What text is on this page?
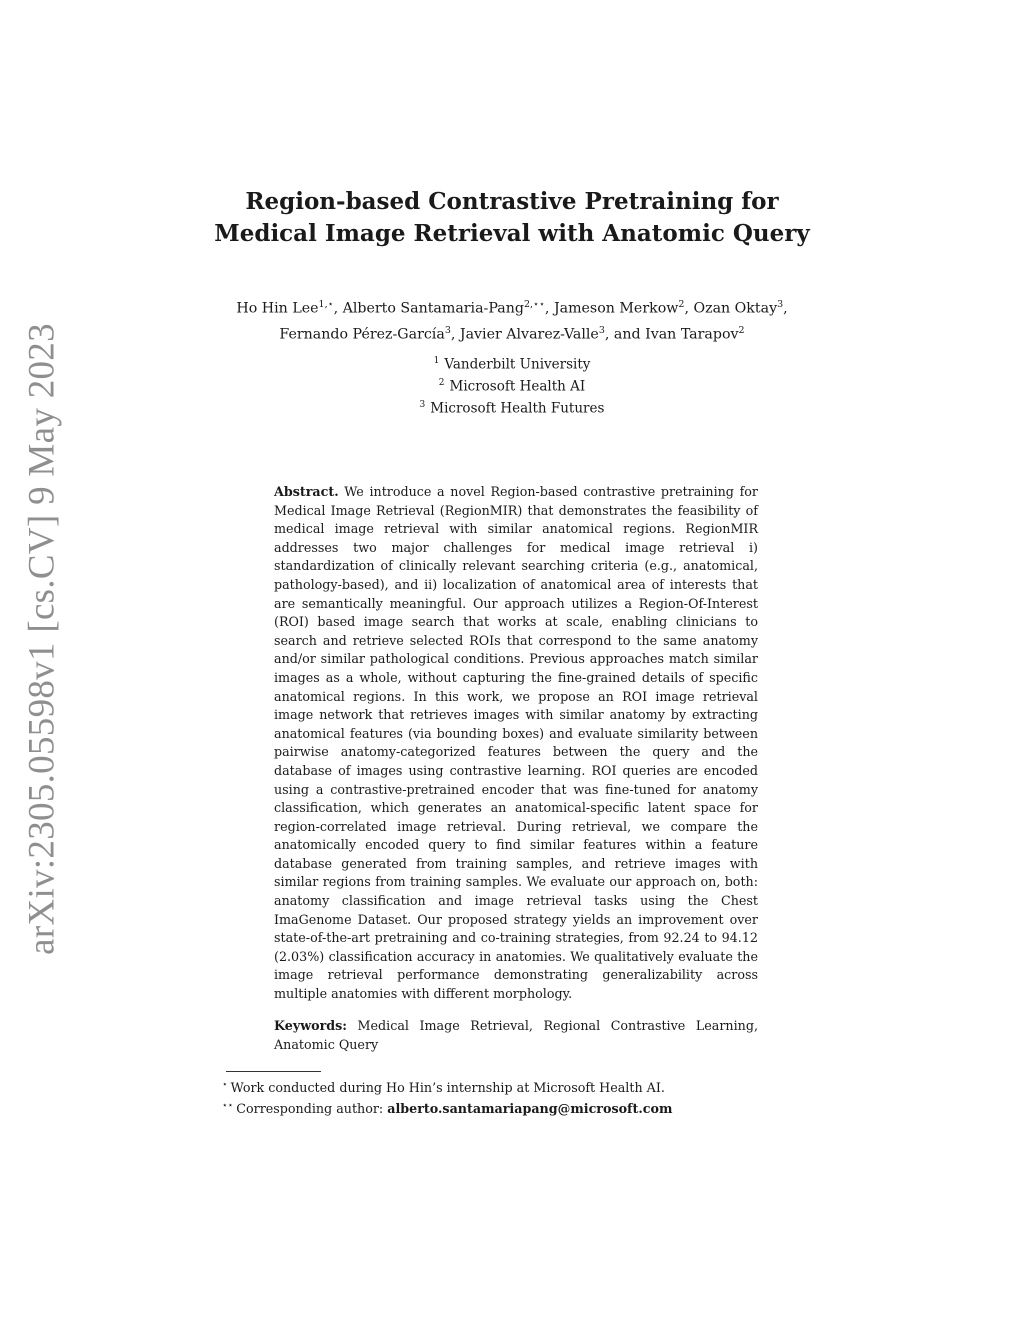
arXiv:2305.05598v1 [cs.CV] 9 May 2023
Region-based Contrastive Pretraining for
Medical Image Retrieval with Anatomic Query
Ho Hin Lee$^{1,⋆}$, Alberto Santamaria-Pang$^{2,⋆⋆}$, Jameson Merkow$^2$, Ozan Oktay$^3$,
Fernando Pérez-García$^3$, Javier Alvarez-Valle$^3$, and Ivan Tarapov$^2$
$^1$ Vanderbilt University
$^2$ Microsoft Health AI
$^3$ Microsoft Health Futures

Abstract. We introduce a novel Region-based contrastive pretraining for Medical Image Retrieval (RegionMIR) that demonstrates the feasibility of medical image retrieval with similar anatomical regions. RegionMIR addresses two major challenges for medical image retrieval i) standardization of clinically relevant searching criteria (e.g., anatomical, pathology-based), and ii) localization of anatomical area of interests that are semantically meaningful. Our approach utilizes a Region-Of-Interest (ROI) based image search that works at scale, enabling clinicians to search and retrieve selected ROIs that correspond to the same anatomy and/or similar pathological conditions. Previous approaches match similar images as a whole, without capturing the fine-grained details of specific anatomical regions. In this work, we propose an ROI image retrieval image network that retrieves images with similar anatomy by extracting anatomical features (via bounding boxes) and evaluate similarity between pairwise anatomy-categorized features between the query and the database of images using contrastive learning. ROI queries are encoded using a contrastive-pretrained encoder that was fine-tuned for anatomy classification, which generates an anatomical-specific latent space for region-correlated image retrieval. During retrieval, we compare the anatomically encoded query to find similar features within a feature database generated from training samples, and retrieve images with similar regions from training samples. We evaluate our approach on, both: anatomy classification and image retrieval tasks using the Chest ImaGenome Dataset. Our proposed strategy yields an improvement over state-of-the-art pretraining and co-training strategies, from 92.24 to 94.12 (2.03%) classification accuracy in anatomies. We qualitatively evaluate the image retrieval performance demonstrating generalizability across multiple anatomies with different morphology.

Keywords: Medical Image Retrieval, Regional Contrastive Learning, Anatomic Query

⋆ Work conducted during Ho Hin’s internship at Microsoft Health AI.
⋆⋆ Corresponding author: alberto.santamariapang@microsoft.com
